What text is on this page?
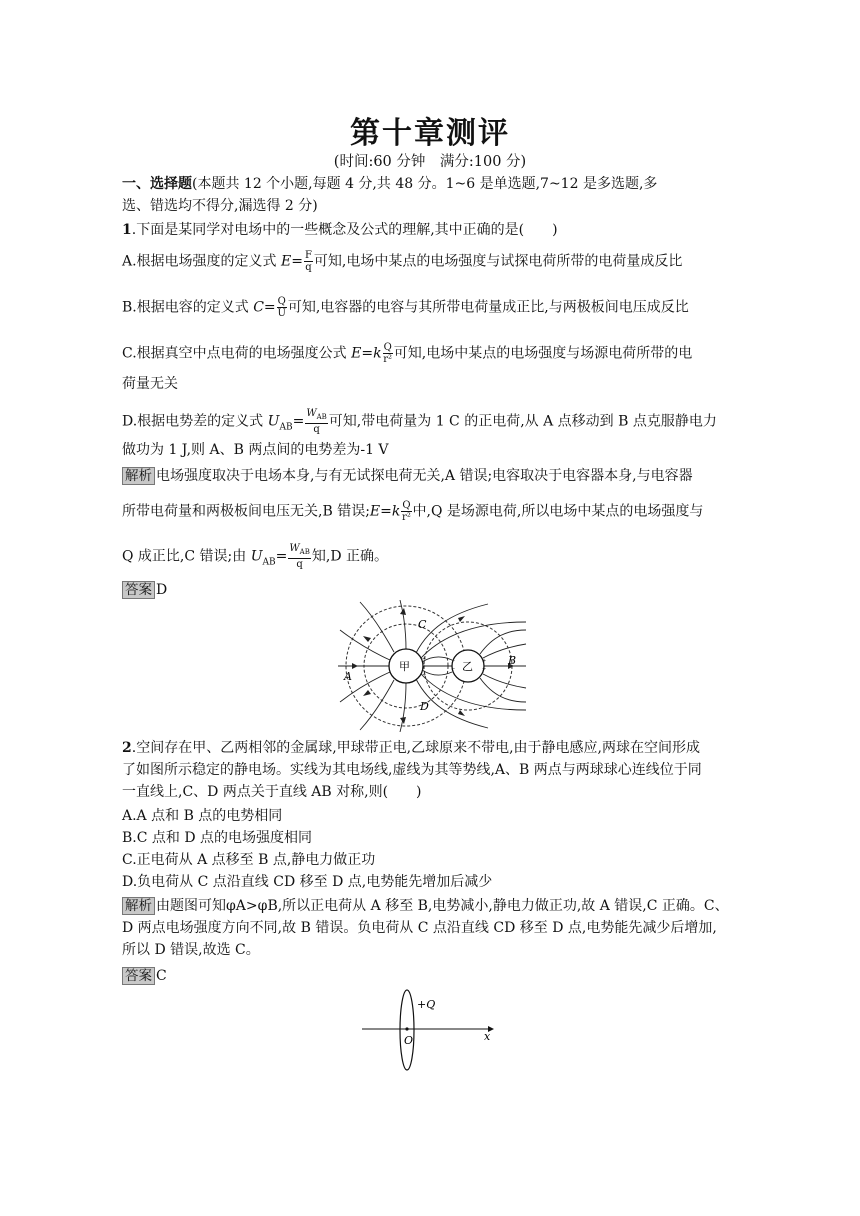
第十章测评
(时间:60 分钟　满分:100 分)
一、选择题(本题共 12 个小题,每题 4 分,共 48 分。1~6 是单选题,7~12 是多选题,多
选、错选均不得分,漏选得 2 分)
1.下面是某同学对电场中的一些概念及公式的理解,其中正确的是(　　)
A.根据电场强度的定义式 $E= \frac{F}{q}$ 可知,电场中某点的电场强度与试探电荷所带的电荷量成反比
B.根据电容的定义式 $C= \frac{Q}{U}$ 可知,电容器的电容与其所带电荷量成正比,与两极板间电压成反比
C.根据真空中点电荷的电场强度公式 $E=k \frac{Q}{\text{r²}}$ 可知,电场中某点的电场强度与场源电荷所带的电
荷量无关
D.根据电势差的定义式 $U_{AB}= \frac{W_{AB}}{q}$ 可知,带电荷量为 1 C 的正电荷,从 A 点移动到 B 点克服静电力
做功为 1 J,则 A、B 两点间的电势差为-1 V
解析 电场强度取决于电场本身,与有无试探电荷无关,A 错误;电容取决于电容器本身,与电容器
所带电荷量和两极板间电压无关,B 错误;E=k $\frac{Q}{\text{r²}}$ 中,Q 是场源电荷,所以电场中某点的电场强度与
Q 成正比,C 错误;由 $U_{AB}= \frac{W_{AB}}{q}$ 知,D 正确。
答案 D
+
+
+
−
−
+
+
甲	乙
A
B
C
D
2.空间存在甲、乙两相邻的金属球,甲球带正电,乙球原来不带电,由于静电感应,两球在空间形成
了如图所示稳定的静电场。实线为其电场线,虚线为其等势线,A、B 两点与两球球心连线位于同
一直线上,C、D 两点关于直线 AB 对称,则(　　)
A.A 点和 B 点的电势相同
B.C 点和 D 点的电场强度相同
C.正电荷从 A 点移至 B 点,静电力做正功
D.负电荷从 C 点沿直线 CD 移至 D 点,电势能先增加后减少
解析 由题图可知φA>φB,所以正电荷从 A 移至 B,电势减小,静电力做正功,故 A 错误,C 正确。C、
D 两点电场强度方向不同,故 B 错误。负电荷从 C 点沿直线 CD 移至 D 点,电势能先减少后增加,
所以 D 错误,故选 C。
答案 C
+Q
O	x
